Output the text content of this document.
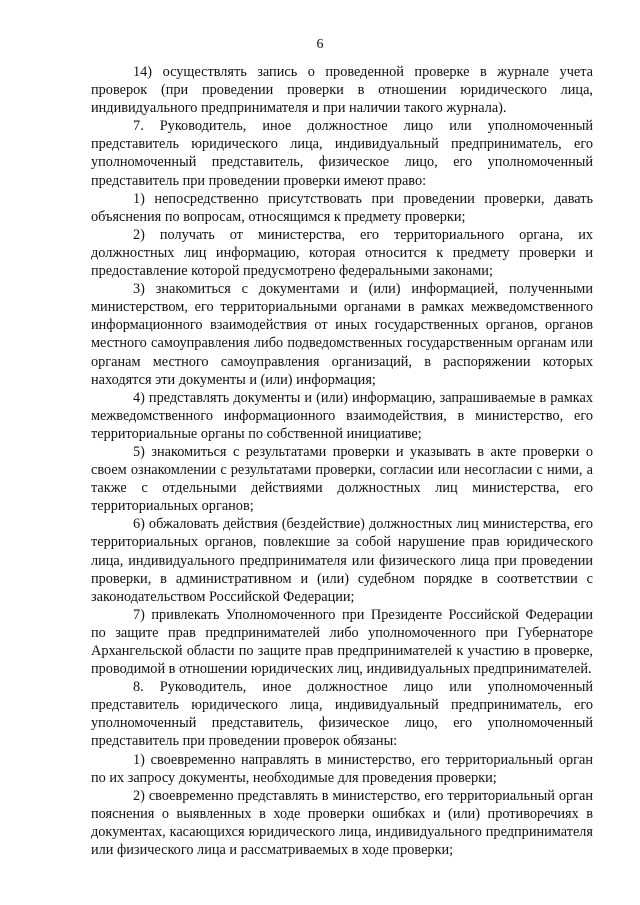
6

14) осуществлять запись о проведенной проверке в журнале учета проверок (при проведении проверки в отношении юридического лица, индивидуального предпринимателя и при наличии такого журнала).

7. Руководитель, иное должностное лицо или уполномоченный представитель юридического лица, индивидуальный предприниматель, его уполномоченный представитель, физическое лицо, его уполномоченный представитель при проведении проверки имеют право:

1) непосредственно присутствовать при проведении проверки, давать объяснения по вопросам, относящимся к предмету проверки;

2) получать от министерства, его территориального органа, их должностных лиц информацию, которая относится к предмету проверки и предоставление которой предусмотрено федеральными законами;

3) знакомиться с документами и (или) информацией, полученными министерством, его территориальными органами в рамках межведомственного информационного взаимодействия от иных государственных органов, органов местного самоуправления либо подведомственных государственным органам или органам местного самоуправления организаций, в распоряжении которых находятся эти документы и (или) информация;

4) представлять документы и (или) информацию, запрашиваемые в рамках межведомственного информационного взаимодействия, в министерство, его территориальные органы по собственной инициативе;

5) знакомиться с результатами проверки и указывать в акте проверки о своем ознакомлении с результатами проверки, согласии или несогласии с ними, а также с отдельными действиями должностных лиц министерства, его территориальных органов;

6) обжаловать действия (бездействие) должностных лиц министерства, его территориальных органов, повлекшие за собой нарушение прав юридического лица, индивидуального предпринимателя или физического лица при проведении проверки, в административном и (или) судебном порядке в соответствии с законодательством Российской Федерации;

7) привлекать Уполномоченного при Президенте Российской Федерации по защите прав предпринимателей либо уполномоченного при Губернаторе Архангельской области по защите прав предпринимателей к участию в проверке, проводимой в отношении юридических лиц, индивидуальных предпринимателей.

8. Руководитель, иное должностное лицо или уполномоченный представитель юридического лица, индивидуальный предприниматель, его уполномоченный представитель, физическое лицо, его уполномоченный представитель при проведении проверок обязаны:

1) своевременно направлять в министерство, его территориальный орган по их запросу документы, необходимые для проведения проверки;

2) своевременно представлять в министерство, его территориальный орган пояснения о выявленных в ходе проверки ошибках и (или) противоречиях в документах, касающихся юридического лица, индивидуального предпринимателя или физического лица и рассматриваемых в ходе проверки;
